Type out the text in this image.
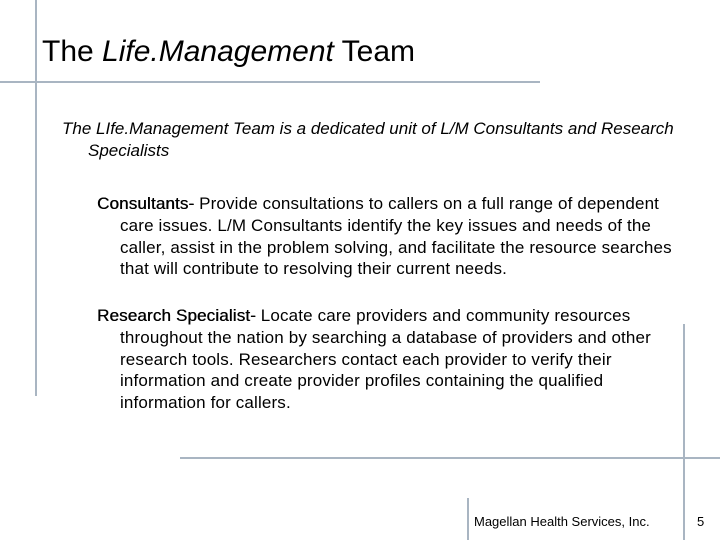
The Life.Management Team

The LIfe.Management Team is a dedicated unit of L/M Consultants and Research Specialists

Consultants- Provide consultations to callers on a full range of dependent care issues. L/M Consultants identify the key issues and needs of the caller, assist in the problem solving, and facilitate the resource searches that will contribute to resolving their current needs.

Research Specialist- Locate care providers and community resources throughout the nation by searching a database of providers and other research tools. Researchers contact each provider to verify their information and create provider profiles containing the qualified information for callers.

Magellan Health Services, Inc.	5
